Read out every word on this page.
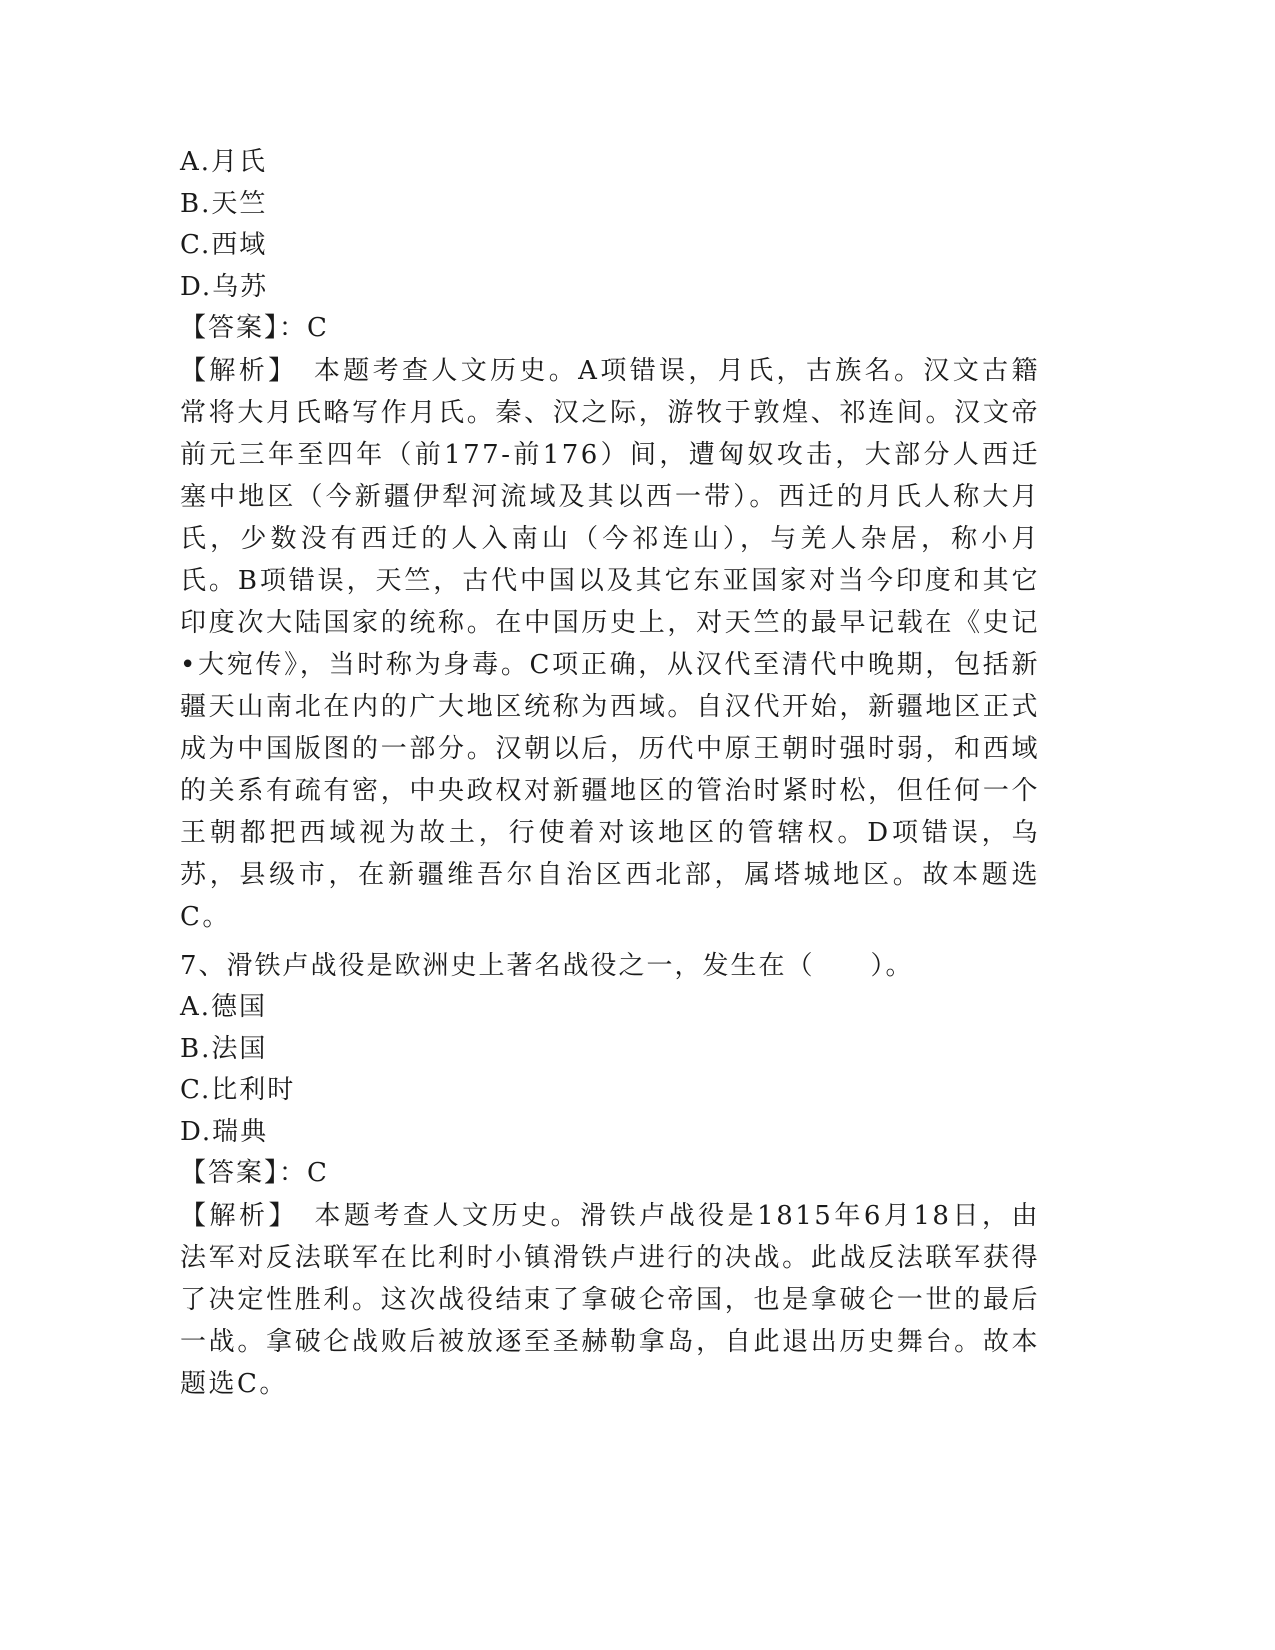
A.月氏
B.天竺
C.西域
D.乌苏
【答案】：C

【解析】　本题考查人文历史。A项错误，月氏，古族名。汉文古籍常将大月氏略写作月氏。秦、汉之际，游牧于敦煌、祁连间。汉文帝前元三年至四年（前177-前176）间，遭匈奴攻击，大部分人西迁塞中地区（今新疆伊犁河流域及其以西一带）。西迁的月氏人称大月氏，少数没有西迁的人入南山（今祁连山），与羌人杂居，称小月氏。B项错误，天竺，古代中国以及其它东亚国家对当今印度和其它印度次大陆国家的统称。在中国历史上，对天竺的最早记载在《史记•大宛传》，当时称为身毒。C项正确，从汉代至清代中晚期，包括新疆天山南北在内的广大地区统称为西域。自汉代开始，新疆地区正式成为中国版图的一部分。汉朝以后，历代中原王朝时强时弱，和西域的关系有疏有密，中央政权对新疆地区的管治时紧时松，但任何一个王朝都把西域视为故土，行使着对该地区的管辖权。D项错误，乌苏，县级市，在新疆维吾尔自治区西北部，属塔城地区。故本题选C。

7、滑铁卢战役是欧洲史上著名战役之一，发生在（　　）。
A.德国
B.法国
C.比利时
D.瑞典
【答案】：C

【解析】　本题考查人文历史。滑铁卢战役是1815年6月18日，由法军对反法联军在比利时小镇滑铁卢进行的决战。此战反法联军获得了决定性胜利。这次战役结束了拿破仑帝国，也是拿破仑一世的最后一战。拿破仑战败后被放逐至圣赫勒拿岛，自此退出历史舞台。故本题选C。
